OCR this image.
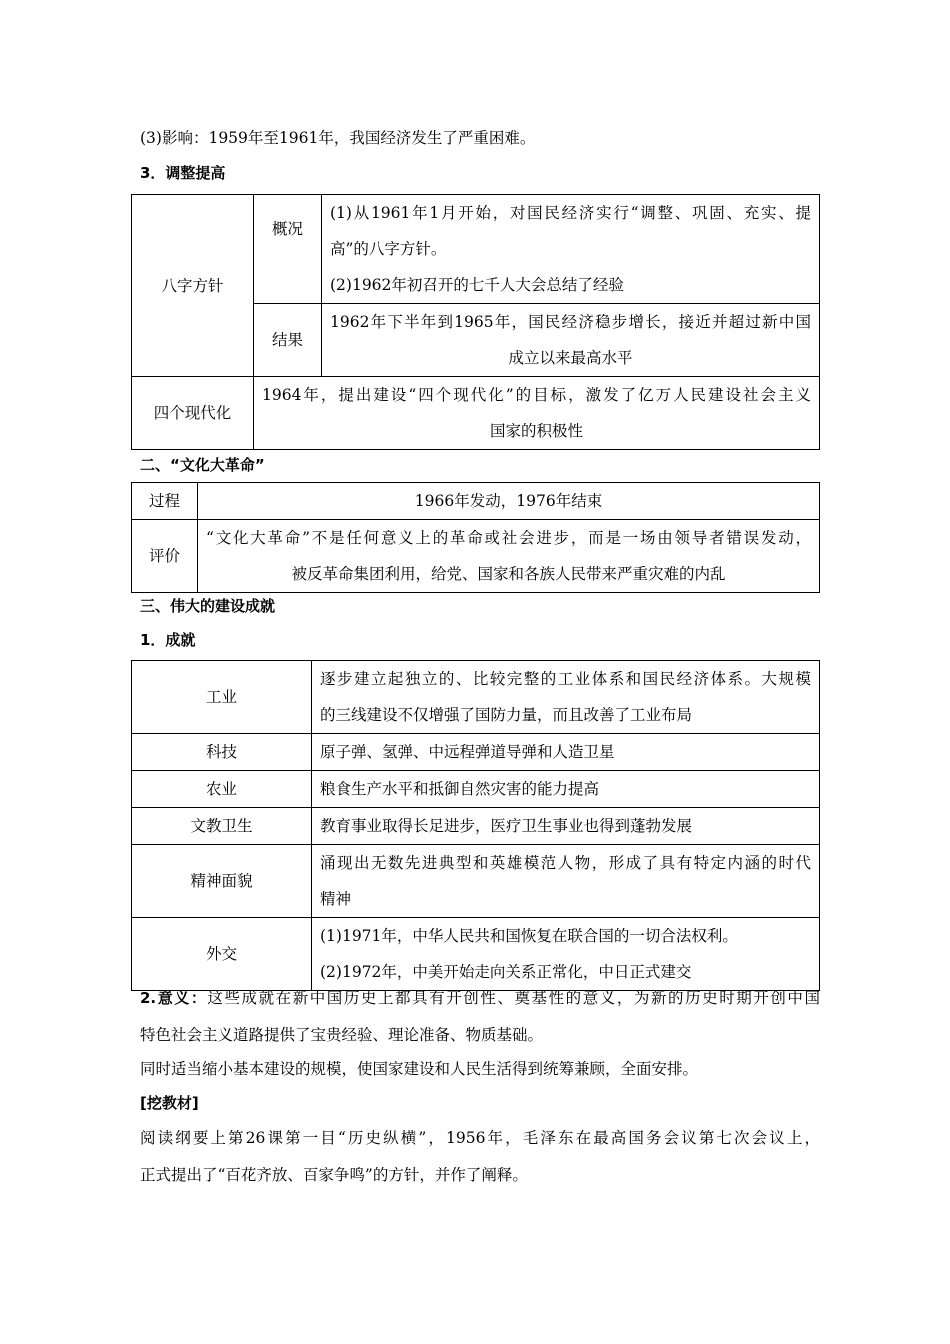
(3)影响：1959年至1961年，我国经济发生了严重困难。
3．调整提高
八字方针	概况	(1)从1961年1月开始，对国民经济实行“调整、巩固、充实、提
高”的八字方针。
(2)1962年初召开的七千人大会总结了经验

	结果	1962年下半年到1965年，国民经济稳步增长，接近并超过新中国
成立以来最高水平

四个现代化	1964年，提出建设“四个现代化”的目标，激发了亿万人民建设社会主义
国家的积极性	
二、“文化大革命”
过程	1966年发动，1976年结束
评价	“文化大革命”不是任何意义上的革命或社会进步，而是一场由领导者错误发动，
被反革命集团利用，给党、国家和各族人民带来严重灾难的内乱
三、伟大的建设成就
1．成就
工业	逐步建立起独立的、比较完整的工业体系和国民经济体系。大规模
的三线建设不仅增强了国防力量，而且改善了工业布局

科技	原子弹、氢弹、中远程弹道导弹和人造卫星
农业	粮食生产水平和抵御自然灾害的能力提高
文教卫生	教育事业取得长足进步，医疗卫生事业也得到蓬勃发展
精神面貌	涌现出无数先进典型和英雄模范人物，形成了具有特定内涵的时代
精神

外交	(1)1971年，中华人民共和国恢复在联合国的一切合法权利。
(2)1972年，中美开始走向关系正常化，中日正式建交
2.意义：这些成就在新中国历史上都具有开创性、奠基性的意义，为新的历史时期开创中国
特色社会主义道路提供了宝贵经验、理论准备、物质基础。
同时适当缩小基本建设的规模，使国家建设和人民生活得到统筹兼顾，全面安排。
[挖教材]
阅读纲要上第26课第一目“历史纵横”，1956年，毛泽东在最高国务会议第七次会议上，
正式提出了“百花齐放、百家争鸣”的方针，并作了阐释。
